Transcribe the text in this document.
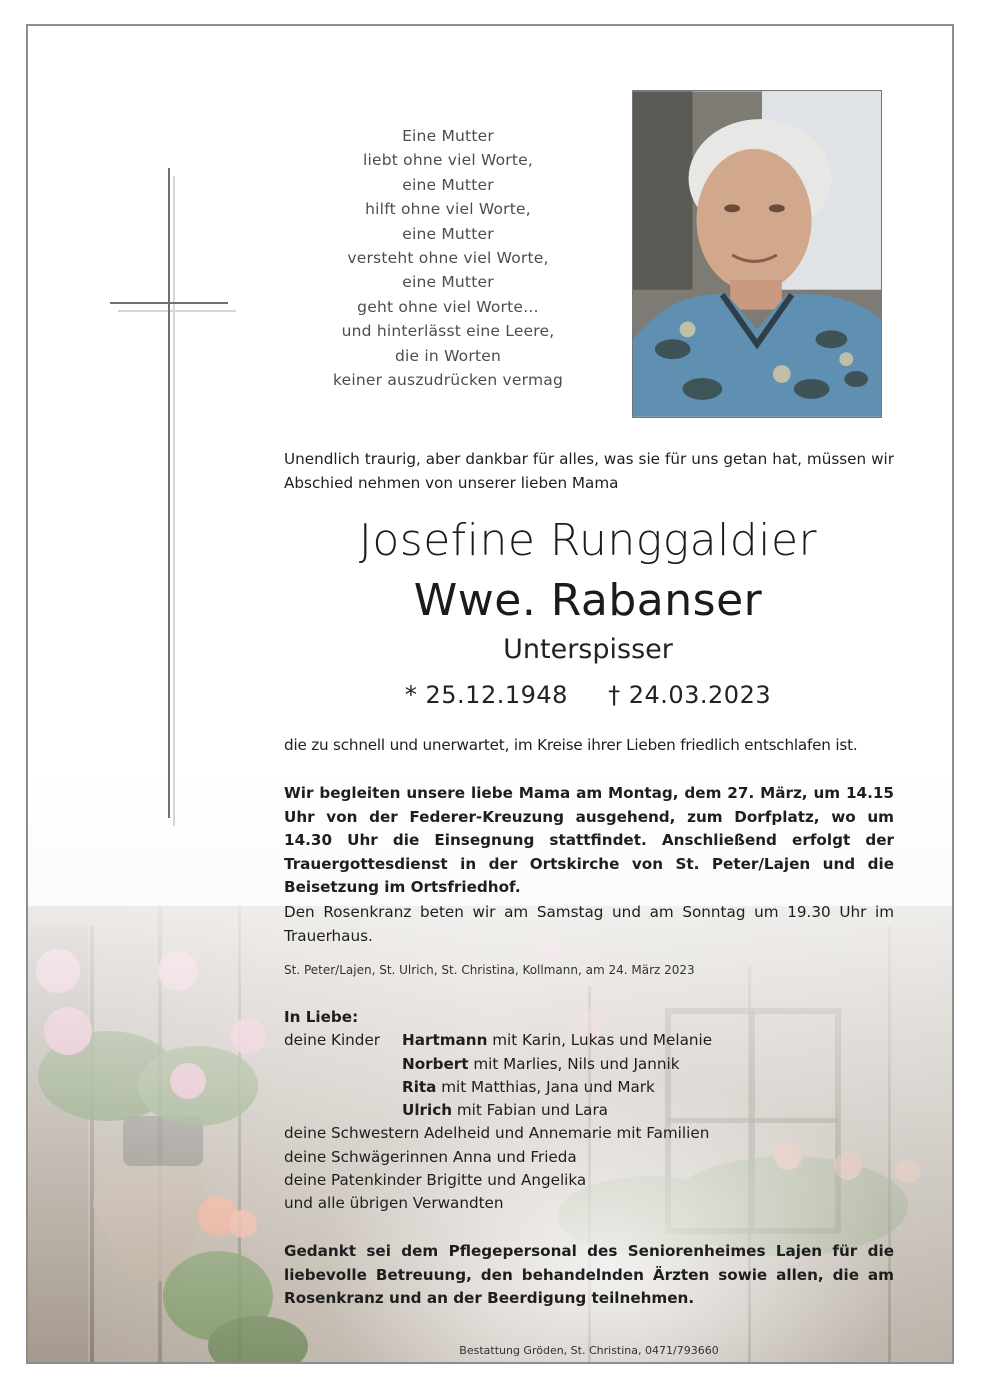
Eine Mutter
liebt ohne viel Worte,
eine Mutter
hilft ohne viel Worte,
eine Mutter
versteht ohne viel Worte,
eine Mutter
geht ohne viel Worte…
und hinterlässt eine Leere,
die in Worten
keiner auszudrücken vermag
Unendlich traurig, aber dankbar für alles, was sie für uns getan hat, müssen wir Abschied nehmen von unserer lieben Mama
Josefine Runggaldier
Wwe. Rabanser
Unterspisser
* 25.12.1948 † 24.03.2023
die zu schnell und unerwartet, im Kreise ihrer Lieben friedlich entschlafen ist.
Wir begleiten unsere liebe Mama am Montag, dem 27. März, um 14.15 Uhr von der Federer-Kreuzung ausgehend, zum Dorfplatz, wo um 14.30 Uhr die Einsegnung stattfindet. Anschließend erfolgt der Trauergottesdienst in der Ortskirche von St. Peter/Lajen und die Beisetzung im Ortsfriedhof.
Den Rosenkranz beten wir am Samstag und am Sonntag um 19.30 Uhr im Trauerhaus.
St. Peter/Lajen, St. Ulrich, St. Christina, Kollmann, am 24. März 2023
In Liebe:
deine Kinder Hartmann mit Karin, Lukas und Melanie
Norbert mit Marlies, Nils und Jannik
Rita mit Matthias, Jana und Mark
Ulrich mit Fabian und Lara
deine Schwestern Adelheid und Annemarie mit Familien
deine Schwägerinnen Anna und Frieda
deine Patenkinder Brigitte und Angelika
und alle übrigen Verwandten
Gedankt sei dem Pflegepersonal des Seniorenheimes Lajen für die liebevolle Betreuung, den behandelnden Ärzten sowie allen, die am Rosenkranz und an der Beerdigung teilnehmen.
Bestattung Gröden, St. Christina, 0471/793660
